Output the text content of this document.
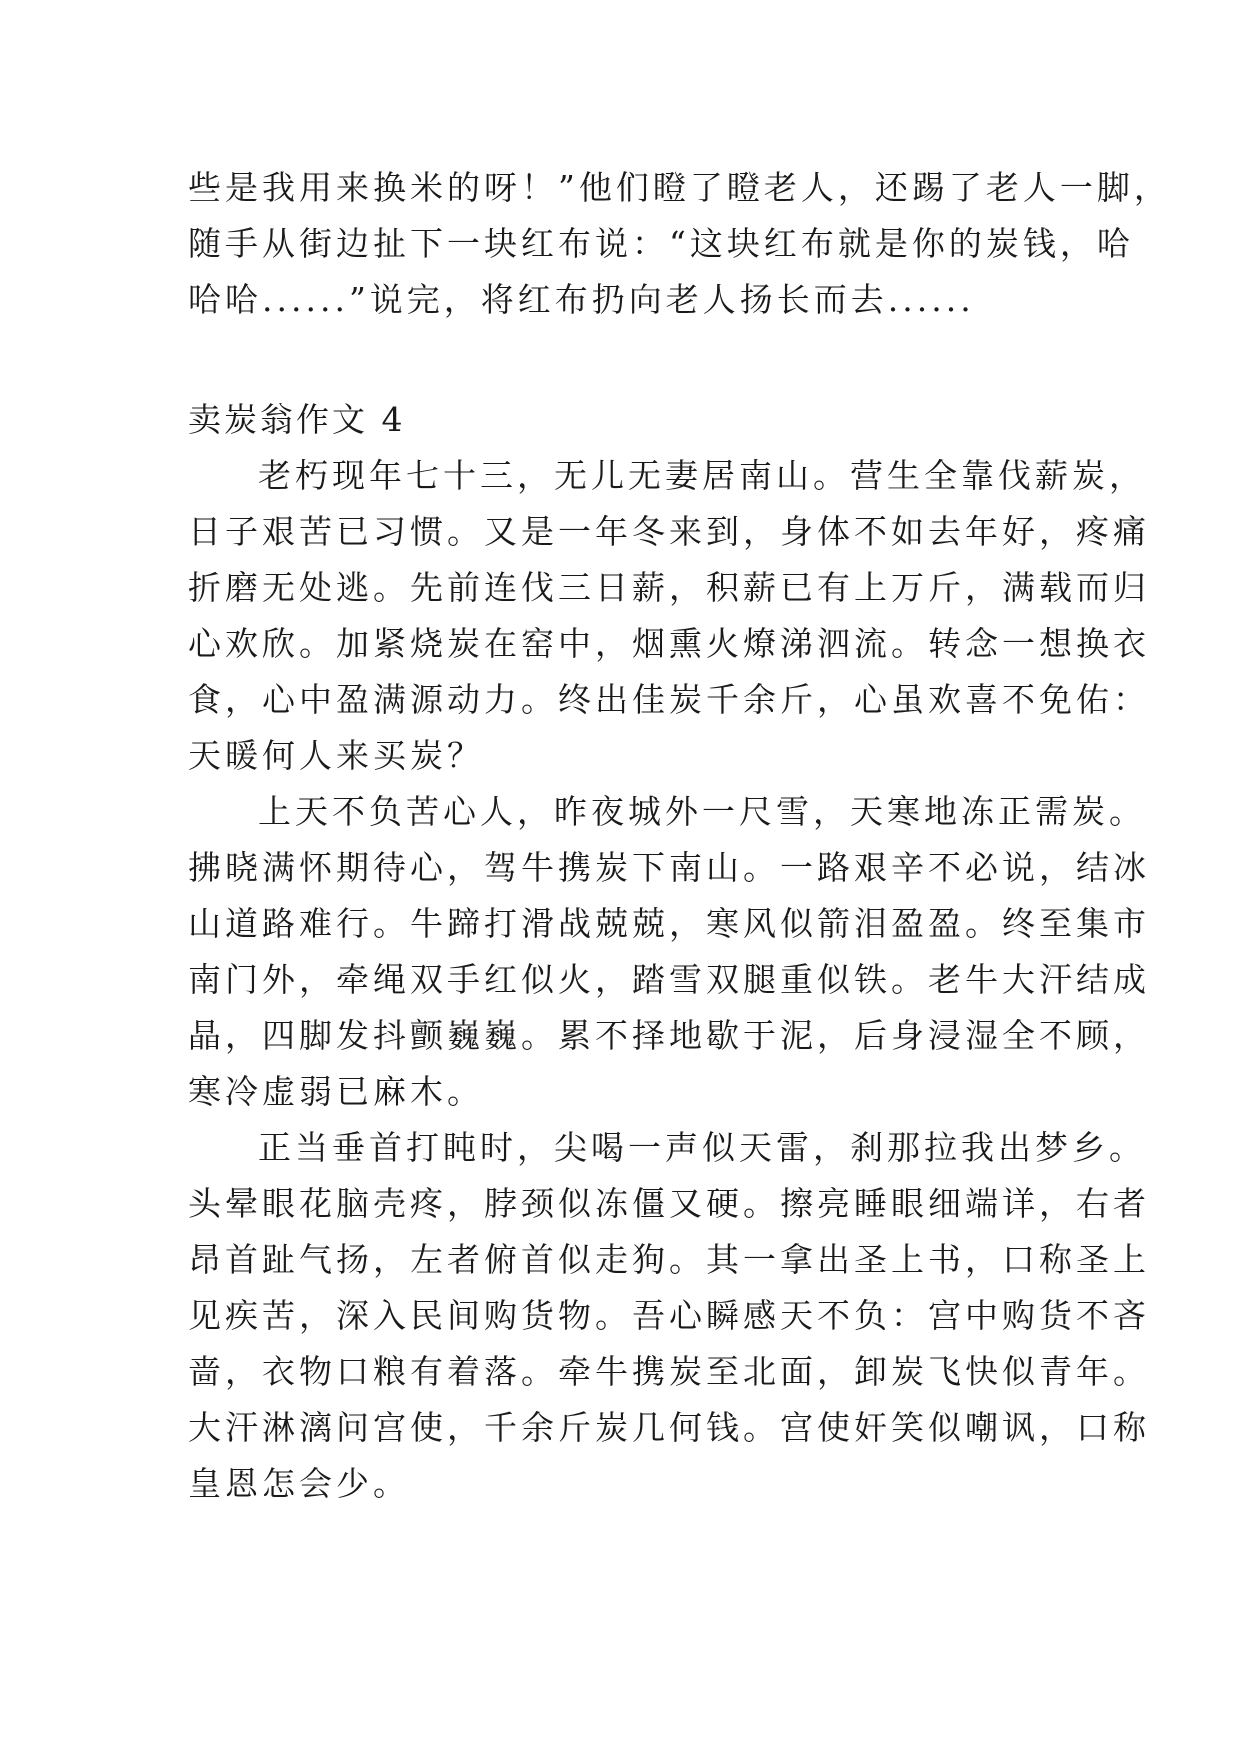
些是我用来换米的呀！”他们瞪了瞪老人，还踢了老人一脚，
随手从街边扯下一块红布说：“这块红布就是你的炭钱，哈
哈哈......”说完，将红布扔向老人扬长而去......
卖炭翁作文 4
老朽现年七十三，无儿无妻居南山。营生全靠伐薪炭，
日子艰苦已习惯。又是一年冬来到，身体不如去年好，疼痛
折磨无处逃。先前连伐三日薪，积薪已有上万斤，满载而归
心欢欣。加紧烧炭在窑中，烟熏火燎涕泗流。转念一想换衣
食，心中盈满源动力。终出佳炭千余斤，心虽欢喜不免佑：
天暖何人来买炭？
上天不负苦心人，昨夜城外一尺雪，天寒地冻正需炭。
拂晓满怀期待心，驾牛携炭下南山。一路艰辛不必说，结冰
山道路难行。牛蹄打滑战兢兢，寒风似箭泪盈盈。终至集市
南门外，牵绳双手红似火，踏雪双腿重似铁。老牛大汗结成
晶，四脚发抖颤巍巍。累不择地歇于泥，后身浸湿全不顾，
寒冷虚弱已麻木。
正当垂首打盹时，尖喝一声似天雷，刹那拉我出梦乡。
头晕眼花脑壳疼，脖颈似冻僵又硬。擦亮睡眼细端详，右者
昂首趾气扬，左者俯首似走狗。其一拿出圣上书，口称圣上
见疾苦，深入民间购货物。吾心瞬感天不负：宫中购货不吝
啬，衣物口粮有着落。牵牛携炭至北面，卸炭飞快似青年。
大汗淋漓问宫使，千余斤炭几何钱。宫使奸笑似嘲讽，口称
皇恩怎会少。
